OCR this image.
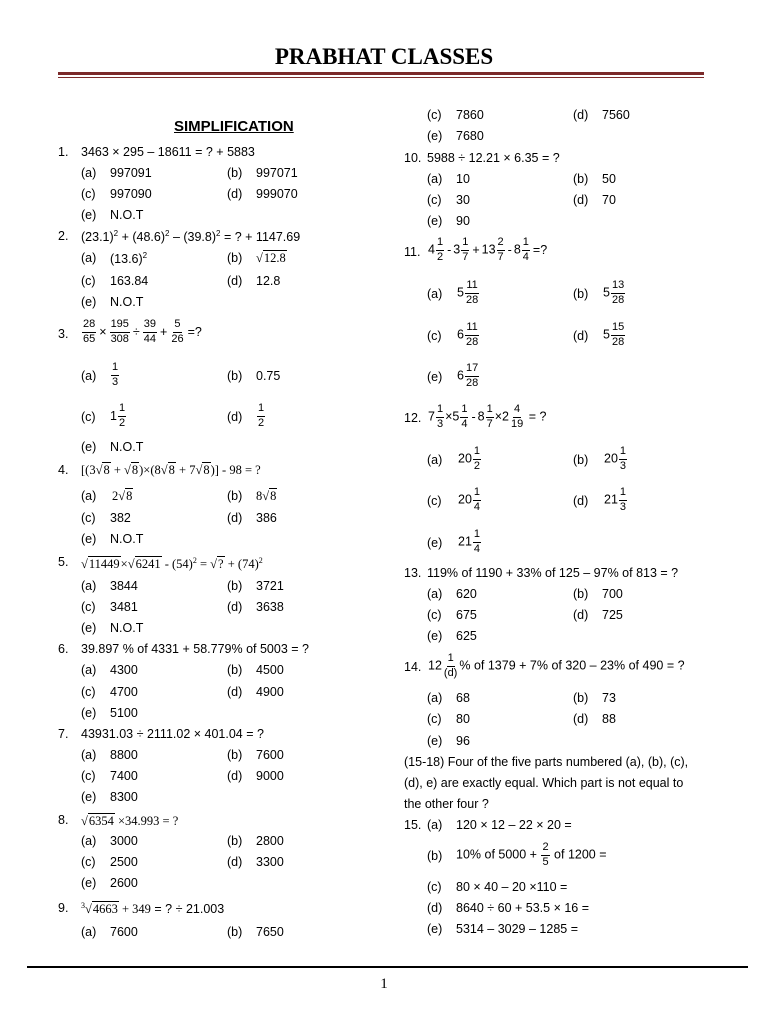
PRABHAT CLASSES
SIMPLIFICATION
1. 3463 × 295 – 18611 = ? + 5883
(a) 997091	(b) 997071
(c) 997090	(d) 999070
(e) N.O.T
2. $(23.1)^2 + (48.6)^2 - (39.8)^2$ = ? + 1147.69
(a) $(13.6)^2$	(b) √12.8
(c) 163.84	(d) 12.8
(e) N.O.T
3. $\frac{28}{65} \times \frac{195}{308} \div \frac{39}{44} + \frac{5}{26}$ =?
$(a) \frac{1}{3}$	(b) 0.75
(c) $1 \frac{1}{2}$	$(d) \frac{1}{2}$
(e) N.O.T
4. [(3√8 + √8)×(8√8 + 7√8)] - 98 = ?
(a) 2√8	(b) 8√8
(c) 382	(d) 386
(e) N.O.T
5. $√11449\times√6241 - (54)^2$ = √? + $(74)^2$
(a) 3844	(b) 3721
(c) 3481	(d) 3638
(e) N.O.T
6. 39.897 % of 4331 + 58.779% of 5003 = ?
(a) 4300	(b) 4500
(c) 4700	(d) 4900
(e) 5100
7. 43931.03 ÷ 2111.02 × 401.04 = ?
(a) 8800	(b) 7600
(c) 7400	(d) 9000
(e) 8300
8. √6354 ×34.993 = ?
(a) 3000	(b) 2800
(c) 2500	(d) 3300
(e) 2600
9. $^3$√4663 + 349 = ? ÷ 21.003
(a) 7600	(b) 7650
(c) 7860	(d) 7560
(e) 7680
10. 5988 ÷ 12.21 × 6.35 = ?
(a) 10	(b) 50
(c) 30	(d) 70
(e) 90
11. $4 \frac{1}{2} - 3 \frac{1}{7} + 13 \frac{2}{7} - 8 \frac{1}{4}$ =?
(a) $5 \frac{11}{28}$	(b) $5 \frac{13}{28}$
(c) $6 \frac{11}{28}$	(d) $5 \frac{15}{28}$
(e) $6 \frac{17}{28}$
12. $7 \frac{1}{3} \times 5 \frac{1}{4} - 8 \frac{1}{7} \times 2 \frac{4}{19}$ = ?
(a) $20 \frac{1}{2}$	(b) $20 \frac{1}{3}$
(c) $20 \frac{1}{4}$	(d) $21 \frac{1}{3}$
(e) $21 \frac{1}{4}$
13. 119% of 1190 + 33% of 125 – 97% of 813 = ?
(a) 620	(b) 700
(c) 675	(d) 725
(e) 625
14. $12 \frac{1}{(d)}$ % of 1379 + 7% of 320 – 23% of 490 = ?
(a) 68	(b) 73
(c) 80	(d) 88
(e) 96
(15-18) Four of the five parts numbered (a), (b), (c),
(d), e) are exactly equal. Which part is not equal to
the other four ?
15. (a) 120 × 12 – 22 × 20 =
(b) 10% of $5000 + \frac{2}{5}$ of 1200 =
(c) 80 × 40 – 20 ×110 =
(d) 8640 ÷ 60 + 53.5 × 16 =
(e) 5314 – 3029 – 1285 =
1
